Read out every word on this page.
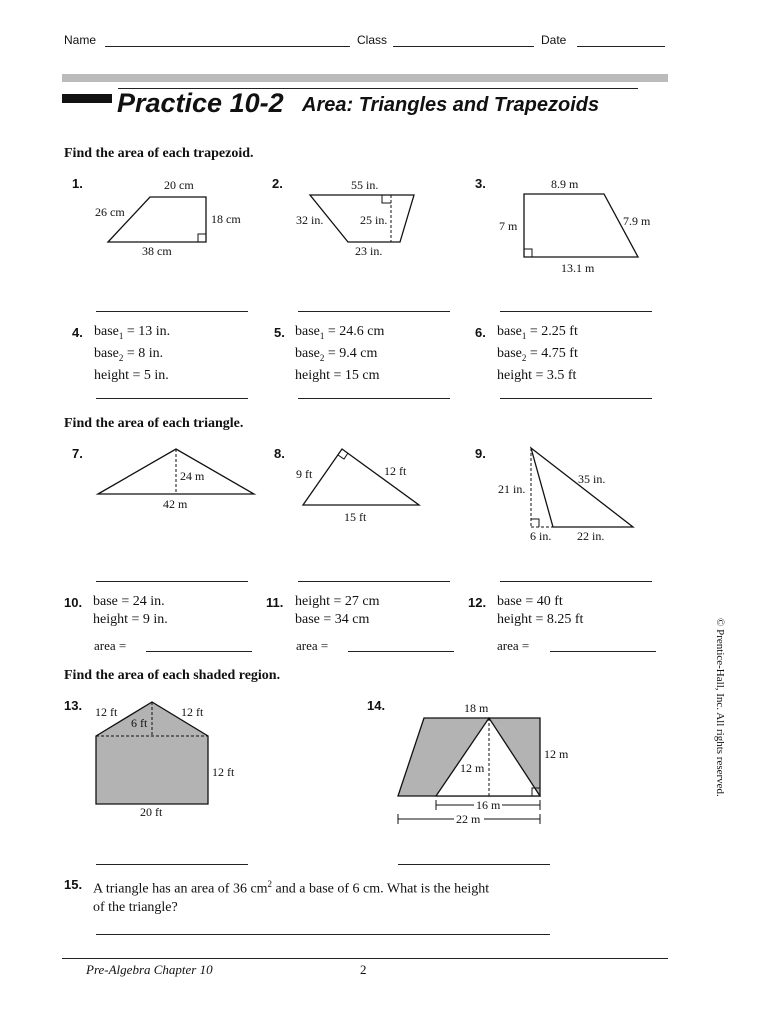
Name	Class	Date
Practice 10-2 Area: Triangles and Trapezoids
Find the area of each trapezoid.
1.	20 cm
26 cm	18 cm
38 cm
2.	55 in.
32 in.	25 in.
23 in.
3.	8.9 m
7 m	7.9 m
13.1 m
4. base$_1$ = 13 in.
base$_2$ = 8 in.
height = 5 in.
5. base$_1$ = 24.6 cm
base$_2$ = 9.4 cm
height = 15 cm
6. base$_1$ = 2.25 ft
base$_2$ = 4.75 ft
height = 3.5 ft
Find the area of each triangle.
7.
24 m
42 m
8.
9 ft	12 ft
15 ft
9.
21 in.
35 in.
6 in. 22 in.
10. base = 24 in.
height = 9 in.
area =
11. height = 27 cm
base = 34 cm
area =
12. base = 40 ft
height = 8.25 ft
area =
Find the area of each shaded region.
13. 12 ft	12 ft
6 ft
12 ft
20 ft
14.	18 m
12 m
12 m
16 m
22 m
15. A triangle has an area of 36 $cm^2$ and a base of 6 cm. What is the height
of the triangle?
Pre-Algebra Chapter 10	2
© Prentice-Hall, Inc. All rights reserved.
